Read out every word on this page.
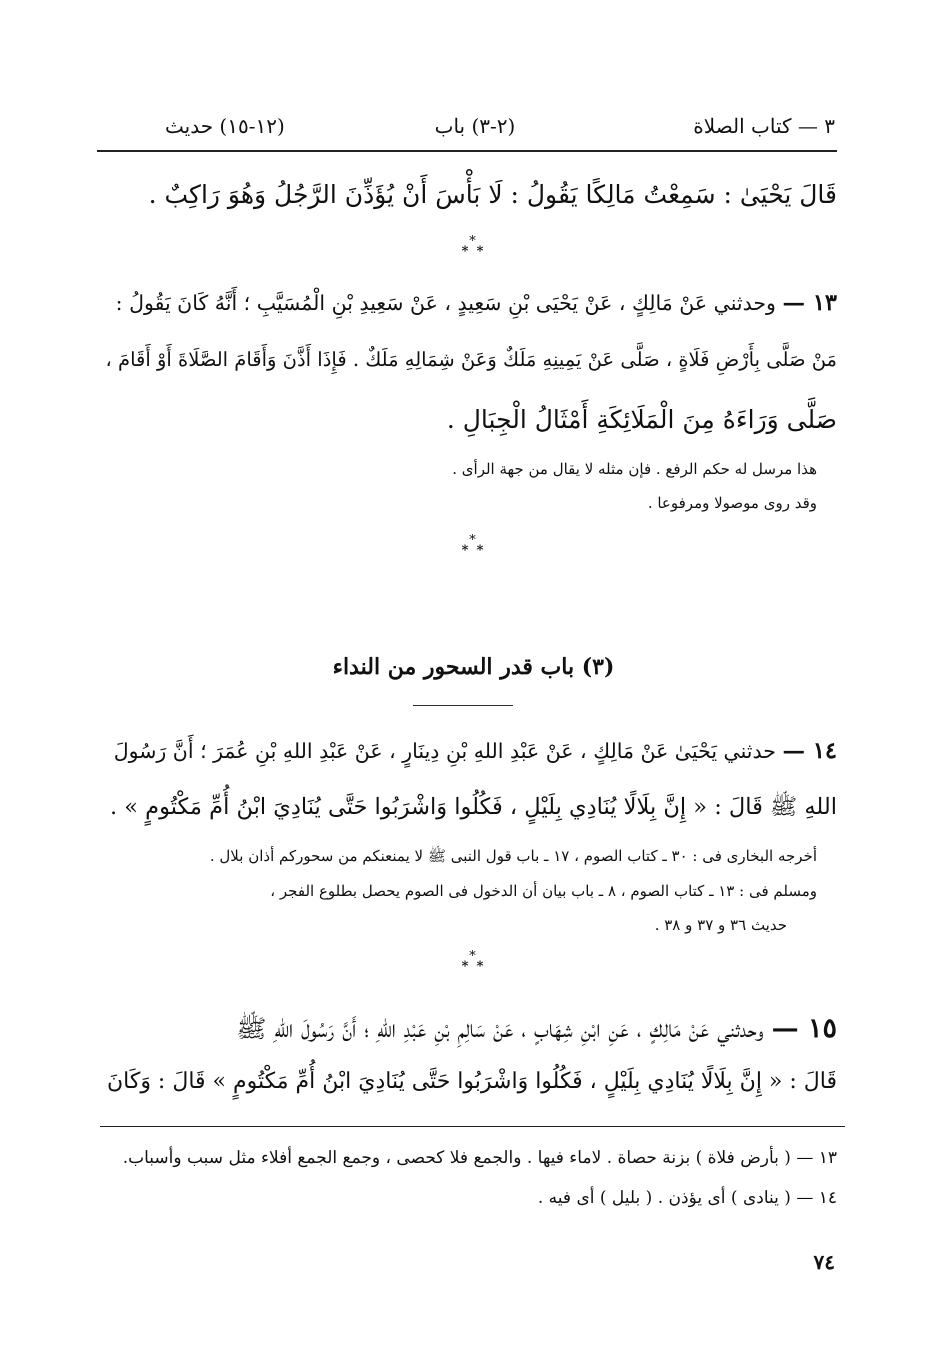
٣ — كتاب الصلاة
(٢-٣) باب
(١٢-١٥) حديث
قَالَ يَحْيَىٰ : سَمِعْتُ مَالِكًا يَقُولُ : لَا بَأْسَ أَنْ يُؤَذِّنَ الرَّجُلُ وَهُوَ رَاكِبٌ .
*
* *
١٣ — وحدثني عَنْ مَالِكٍ ، عَنْ يَحْيَى بْنِ سَعِيدٍ ، عَنْ سَعِيدِ بْنِ الْمُسَيَّبِ ؛ أَنَّهُ كَانَ يَقُولُ :
مَنْ صَلَّى بِأَرْضِ فَلَاةٍ ، صَلَّى عَنْ يَمِينِهِ مَلَكٌ وَعَنْ شِمَالِهِ مَلَكٌ . فَإِذَا أَذَّنَ وَأَقَامَ الصَّلَاةَ أَوْ أَقَامَ ،
صَلَّى وَرَاءَهُ مِنَ الْمَلَائِكَةِ أَمْثَالُ الْجِبَالِ .
هذا مرسل له حكم الرفع . فإن مثله لا يقال من جهة الرأى .
وقد روى موصولا ومرفوعا .
*
* *
(٣) باب قدر السحور من النداء
١٤ — حدثني يَحْيَىٰ عَنْ مَالِكٍ ، عَنْ عَبْدِ اللهِ بْنِ دِينَارٍ ، عَنْ عَبْدِ اللهِ بْنِ عُمَرَ ؛ أَنَّ رَسُولَ
اللهِ ﷺ قَالَ : « إِنَّ بِلَالًا يُنَادِي بِلَيْلٍ ، فَكُلُوا وَاشْرَبُوا حَتَّى يُنَادِيَ ابْنُ أُمِّ مَكْتُومٍ » .
أخرجه البخارى فى : ٣٠ ـ كتاب الصوم ، ١٧ ـ باب قول النبى ﷺ لا يمنعنكم من سحوركم أذان بلال .
ومسلم فى : ١٣ ـ كتاب الصوم ، ٨ ـ باب بيان أن الدخول فى الصوم يحصل بطلوع الفجر ،
حديث ٣٦ و ٣٧ و ٣٨ .
*
* *
١٥ — وحدثني عَنْ مَالِكٍ ، عَنِ ابْنِ شِهَابٍ ، عَنْ سَالِمِ بْنِ عَبْدِ اللهِ ؛ أَنَّ رَسُولَ اللهِ ﷺ
قَالَ : « إِنَّ بِلَالًا يُنَادِي بِلَيْلٍ ، فَكُلُوا وَاشْرَبُوا حَتَّى يُنَادِيَ ابْنُ أُمِّ مَكْتُومٍ » قَالَ : وَكَانَ
١٣ — ( بأرض فلاة ) بزنة حصاة . لاماء فيها . والجمع فلا كحصى ، وجمع الجمع أفلاء مثل سبب وأسباب.
١٤ — ( ينادى ) أى يؤذن . ( بليل ) أى فيه .
٧٤
